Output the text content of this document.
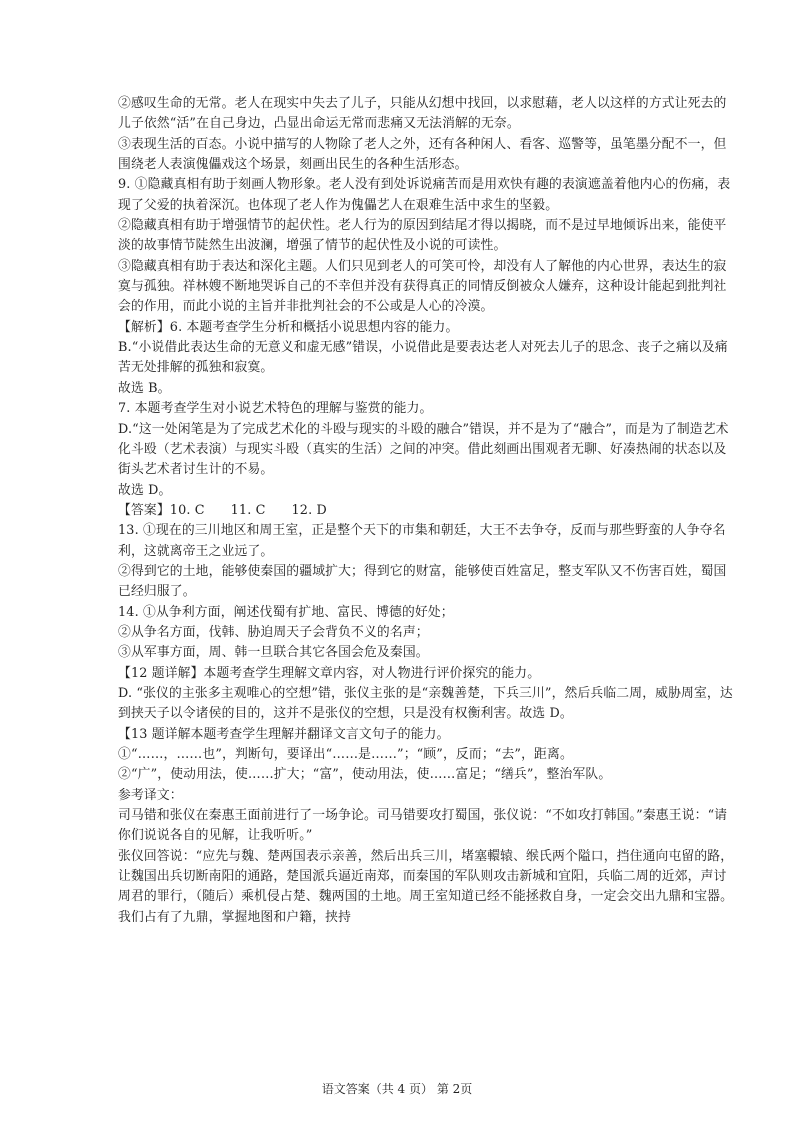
②感叹生命的无常。老人在现实中失去了儿子，只能从幻想中找回，以求慰藉，老人以这样的方式让死去的儿子依然“活”在自己身边，凸显出命运无常而悲痛又无法消解的无奈。

③表现生活的百态。小说中描写的人物除了老人之外，还有各种闲人、看客、巡警等，虽笔墨分配不一，但围绕老人表演傀儡戏这个场景，刻画出民生的各种生活形态。

9. ①隐藏真相有助于刻画人物形象。老人没有到处诉说痛苦而是用欢快有趣的表演遮盖着他内心的伤痛，表现了父爱的执着深沉。也体现了老人作为傀儡艺人在艰难生活中求生的坚毅。

②隐藏真相有助于增强情节的起伏性。老人行为的原因到结尾才得以揭晓，而不是过早地倾诉出来，能使平淡的故事情节陡然生出波澜，增强了情节的起伏性及小说的可读性。

③隐藏真相有助于表达和深化主题。人们只见到老人的可笑可怜，却没有人了解他的内心世界，表达生的寂寞与孤独。祥林嫂不断地哭诉自己的不幸但并没有获得真正的同情反倒被众人嫌弃，这种设计能起到批判社会的作用，而此小说的主旨并非批判社会的不公或是人心的冷漠。

【解析】6. 本题考查学生分析和概括小说思想内容的能力。

B.“小说借此表达生命的无意义和虚无感”错误，小说借此是要表达老人对死去儿子的思念、丧子之痛以及痛苦无处排解的孤独和寂寞。

故选 B。

7. 本题考查学生对小说艺术特色的理解与鉴赏的能力。

D.“这一处闲笔是为了完成艺术化的斗殴与现实的斗殴的融合”错误，并不是为了“融合”，而是为了制造艺术化斗殴（艺术表演）与现实斗殴（真实的生活）之间的冲突。借此刻画出围观者无聊、好凑热闹的状态以及街头艺术者讨生计的不易。

故选 D。

【答案】10. C　　11. C　　12. D

13. ①现在的三川地区和周王室，正是整个天下的市集和朝廷，大王不去争夺，反而与那些野蛮的人争夺名利，这就离帝王之业远了。

②得到它的土地，能够使秦国的疆域扩大；得到它的财富，能够使百姓富足，整支军队又不伤害百姓，蜀国已经归服了。

14. ①从争利方面，阐述伐蜀有扩地、富民、博德的好处；

②从争名方面，伐韩、胁迫周天子会背负不义的名声；

③从军事方面，周、韩一旦联合其它各国会危及秦国。

【12 题详解】本题考查学生理解文章内容，对人物进行评价探究的能力。

D. “张仪的主张多主观唯心的空想”错，张仪主张的是“亲魏善楚，下兵三川”，然后兵临二周，威胁周室，达到挟天子以令诸侯的目的，这并不是张仪的空想，只是没有权衡利害。故选 D。

【13 题详解本题考查学生理解并翻译文言文句子的能力。

①“……，……也”，判断句，要译出“……是……”；“顾”，反而；“去”，距离。

②“广”，使动用法，使……扩大；“富”，使动用法，使……富足；“缮兵”，整治军队。

参考译文：

司马错和张仪在秦惠王面前进行了一场争论。司马错要攻打蜀国，张仪说：“不如攻打韩国。”秦惠王说：“请你们说说各自的见解，让我听听。”

张仪回答说：“应先与魏、楚两国表示亲善，然后出兵三川，堵塞轘辕、缑氏两个隘口，挡住通向屯留的路，让魏国出兵切断南阳的通路，楚国派兵逼近南郑，而秦国的军队则攻击新城和宜阳，兵临二周的近郊，声讨周君的罪行，（随后）乘机侵占楚、魏两国的土地。周王室知道已经不能拯救自身，一定会交出九鼎和宝器。我们占有了九鼎，掌握地图和户籍，挟持

语文答案（共 4 页） 第 2页
